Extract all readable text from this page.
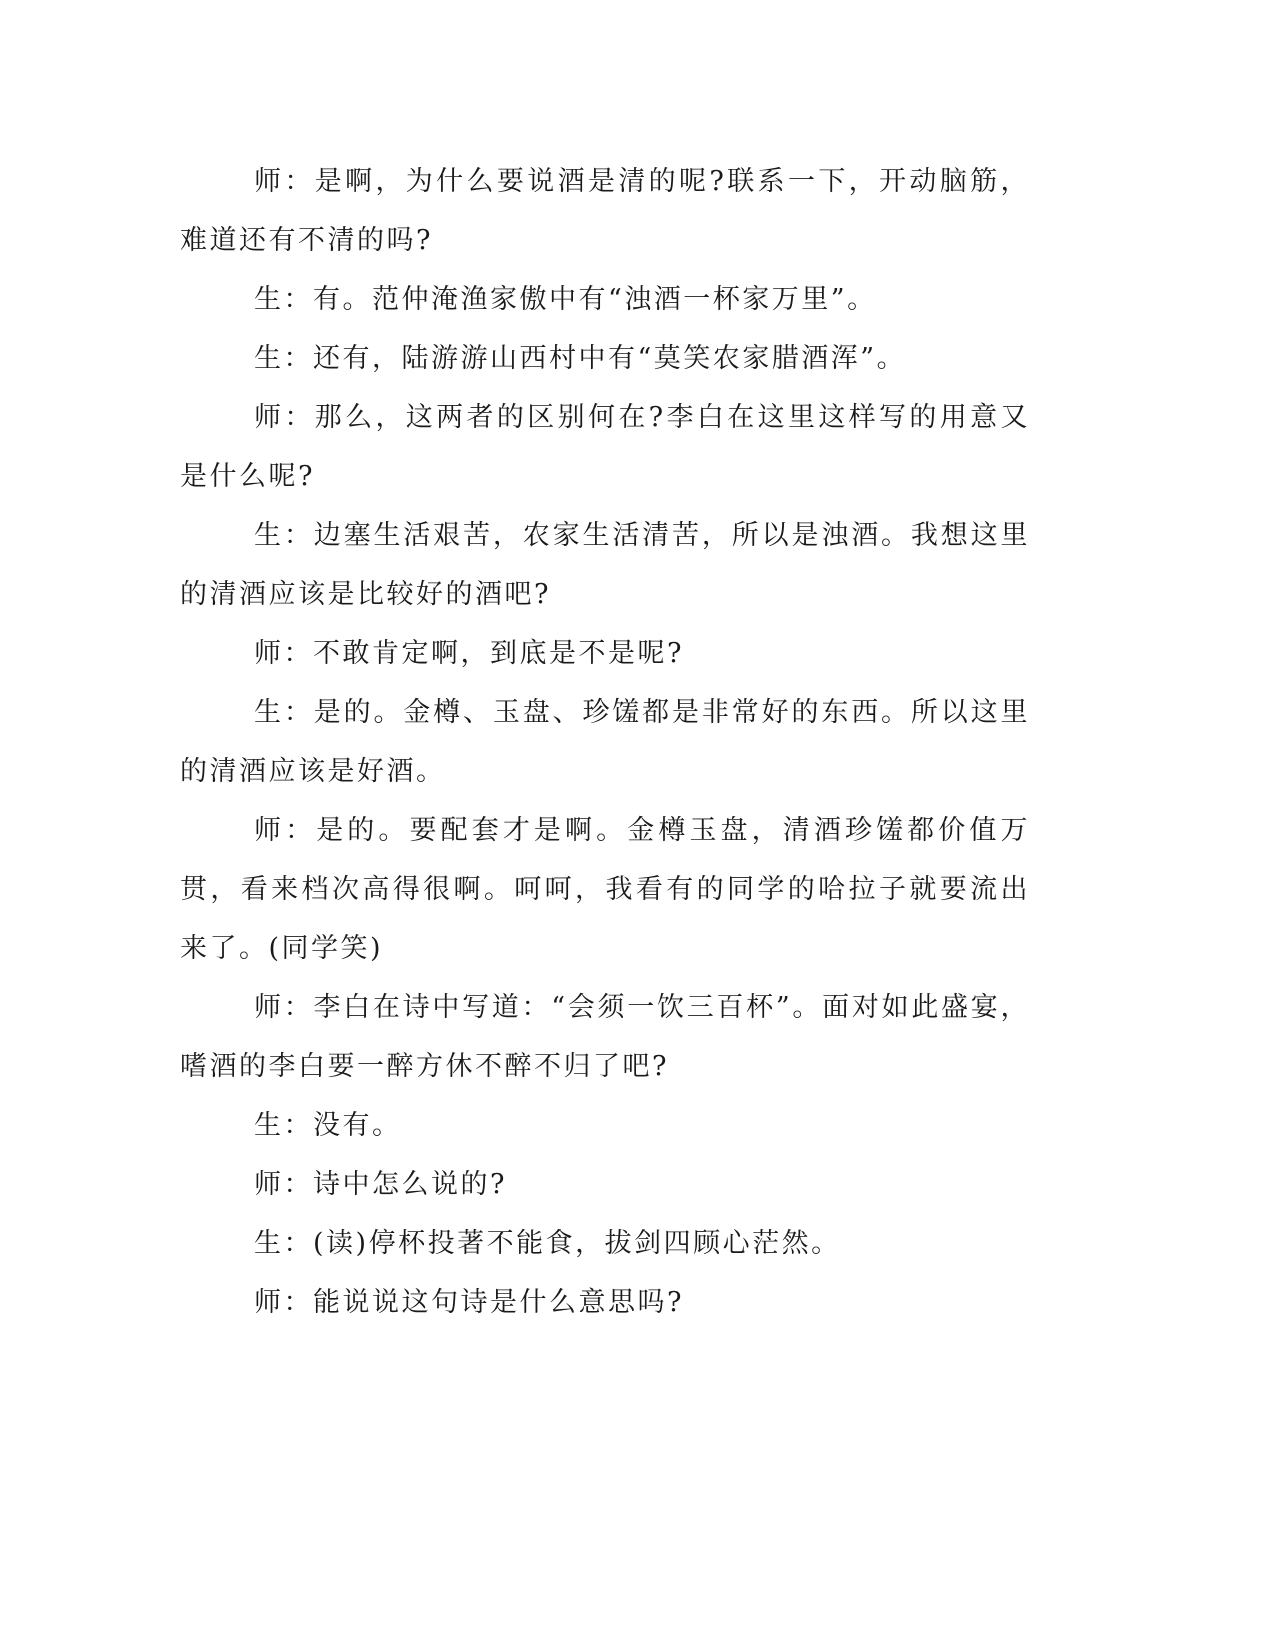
师：是啊，为什么要说酒是清的呢?联系一下，开动脑筋，难道还有不清的吗?

生：有。范仲淹渔家傲中有“浊酒一杯家万里”。

生：还有，陆游游山西村中有“莫笑农家腊酒浑”。

师：那么，这两者的区别何在?李白在这里这样写的用意又是什么呢?

生：边塞生活艰苦，农家生活清苦，所以是浊酒。我想这里的清酒应该是比较好的酒吧?

师：不敢肯定啊，到底是不是呢?

生：是的。金樽、玉盘、珍馐都是非常好的东西。所以这里的清酒应该是好酒。

师：是的。要配套才是啊。金樽玉盘，清酒珍馐都价值万贯，看来档次高得很啊。呵呵，我看有的同学的哈拉子就要流出来了。(同学笑)

师：李白在诗中写道：“会须一饮三百杯”。面对如此盛宴，嗜酒的李白要一醉方休不醉不归了吧?

生：没有。

师：诗中怎么说的?

生：(读)停杯投著不能食，拔剑四顾心茫然。

师：能说说这句诗是什么意思吗?
